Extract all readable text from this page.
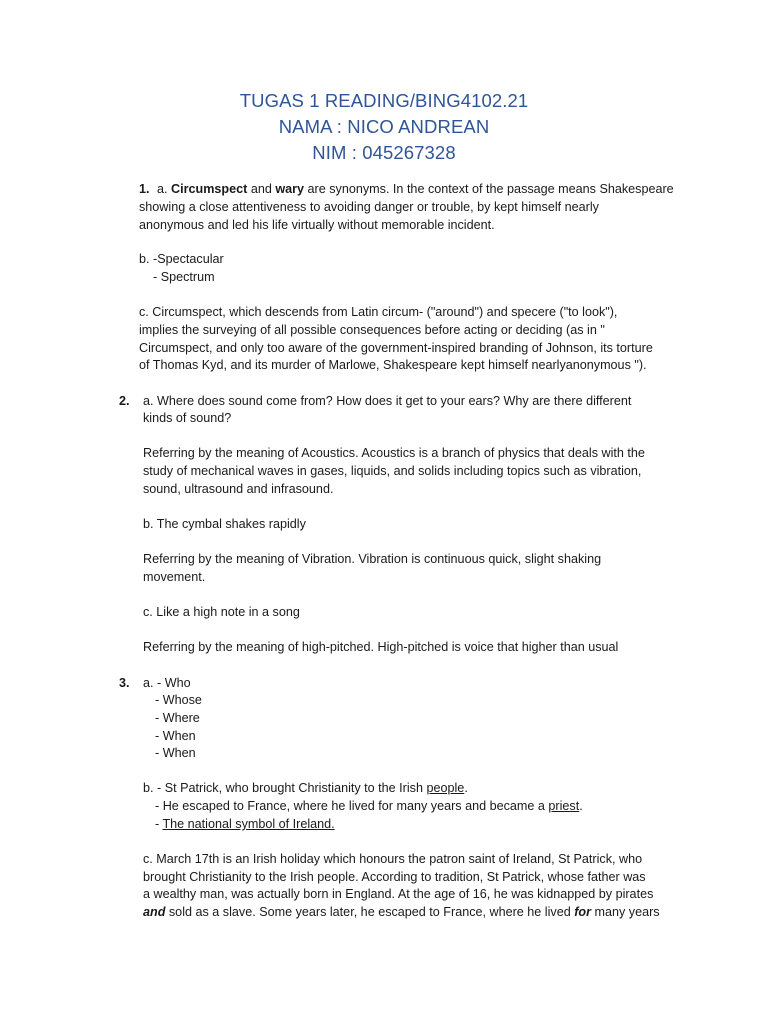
TUGAS 1 READING/BING4102.21
NAMA : NICO ANDREAN
NIM : 045267328
1. a. Circumspect and wary are synonyms. In the context of the passage means Shakespeare
showing a close attentiveness to avoiding danger or trouble, by kept himself nearly
anonymous and led his life virtually without memorable incident.
b. -Spectacular
- Spectrum
c. Circumspect, which descends from Latin circum- ("around") and specere ("to look"),
implies the surveying of all possible consequences before acting or deciding (as in "
Circumspect, and only too aware of the government-inspired branding of Johnson, its torture
of Thomas Kyd, and its murder of Marlowe, Shakespeare kept himself nearlyanonymous ").
2. a. Where does sound come from? How does it get to your ears? Why are there different
kinds of sound?
Referring by the meaning of Acoustics. Acoustics is a branch of physics that deals with the
study of mechanical waves in gases, liquids, and solids including topics such as vibration,
sound, ultrasound and infrasound.
b. The cymbal shakes rapidly
Referring by the meaning of Vibration. Vibration is continuous quick, slight shaking
movement.
c. Like a high note in a song
Referring by the meaning of high-pitched. High-pitched is voice that higher than usual
3. a. - Who
- Whose
- Where
- When
- When
b. - St Patrick, who brought Christianity to the Irish people.
- He escaped to France, where he lived for many years and became a priest.
- The national symbol of Ireland.
c. March 17th is an Irish holiday which honours the patron saint of Ireland, St Patrick, who
brought Christianity to the Irish people. According to tradition, St Patrick, whose father was
a wealthy man, was actually born in England. At the age of 16, he was kidnapped by pirates
and sold as a slave. Some years later, he escaped to France, where he lived for many years
